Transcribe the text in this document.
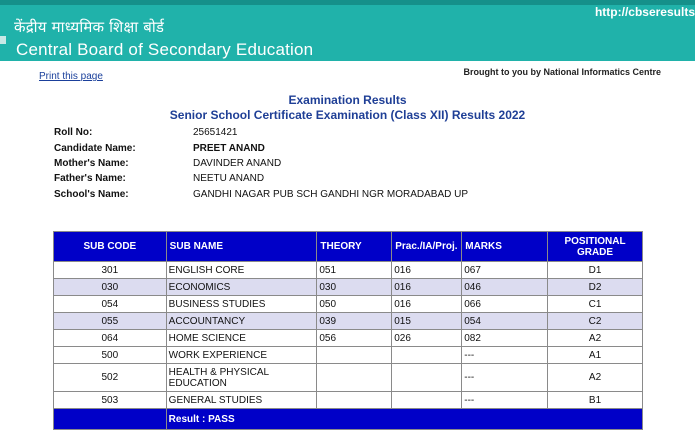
केंद्रीय माध्यमिक शिक्षा बोर्ड
Central Board of Secondary Education
http://cbseresults
Print this page	Brought to you by National Informatics Centre
Examination Results
Senior School Certificate Examination (Class XII) Results 2022
Roll No:	25651421
Candidate Name:	PREET ANAND
Mother's Name:	DAVINDER ANAND
Father's Name:	NEETU ANAND
School's Name:	GANDHI NAGAR PUB SCH GANDHI NGR MORADABAD UP
SUB CODE	SUB NAME	THEORY	Prac./IA/Proj.	MARKS	POSITIONAL GRADE
301	ENGLISH CORE	051	016	067	D1
030	ECONOMICS	030	016	046	D2
054	BUSINESS STUDIES	050	016	066	C1
055	ACCOUNTANCY	039	015	054	C2
064	HOME SCIENCE	056	026	082	A2
500	WORK EXPERIENCE			---	A1
502	HEALTH & PHYSICAL EDUCATION			---	A2
503	GENERAL STUDIES			---	B1
	Result : PASS				
